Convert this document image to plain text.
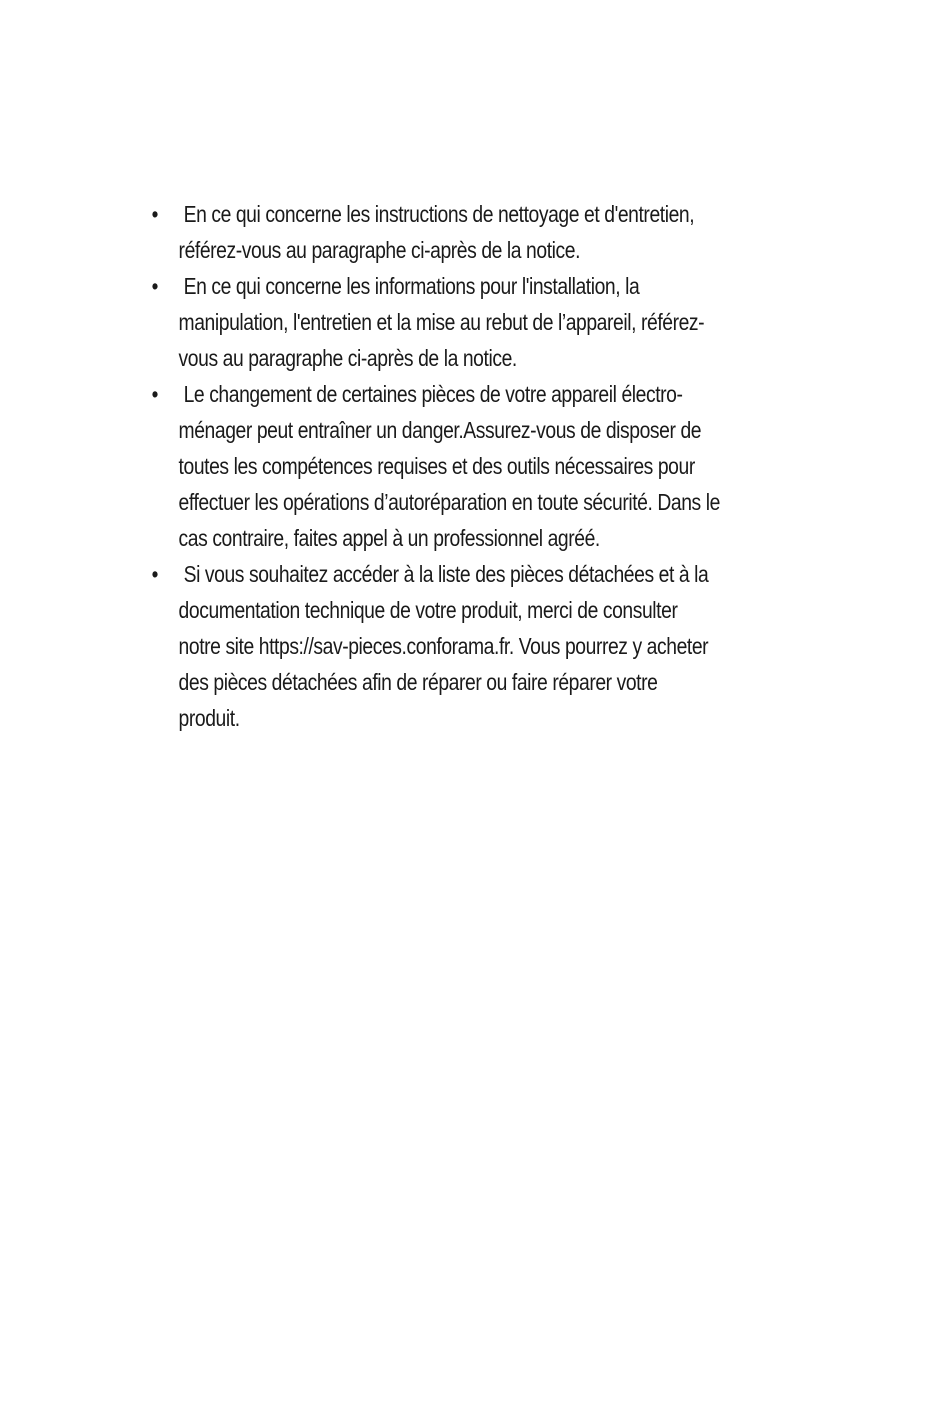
•	En ce qui concerne les instructions de nettoyage et d'entretien, référez-vous au paragraphe ci-après de la notice.
•	En ce qui concerne les informations pour l'installation, la manipulation, l'entretien et la mise au rebut de l’appareil, référez-vous au paragraphe ci-après de la notice.
•	Le changement de certaines pièces de votre appareil électro-ménager peut entraîner un danger.Assurez-vous de disposer de toutes les compétences requises et des outils nécessaires pour effectuer les opérations d’autoréparation en toute sécurité. Dans le cas contraire, faites appel à un professionnel agréé.
•	Si vous souhaitez accéder à la liste des pièces détachées et à la documentation technique de votre produit, merci de consulter notre site https://sav-pieces.conforama.fr. Vous pourrez y acheter des pièces détachées afin de réparer ou faire réparer votre produit.
